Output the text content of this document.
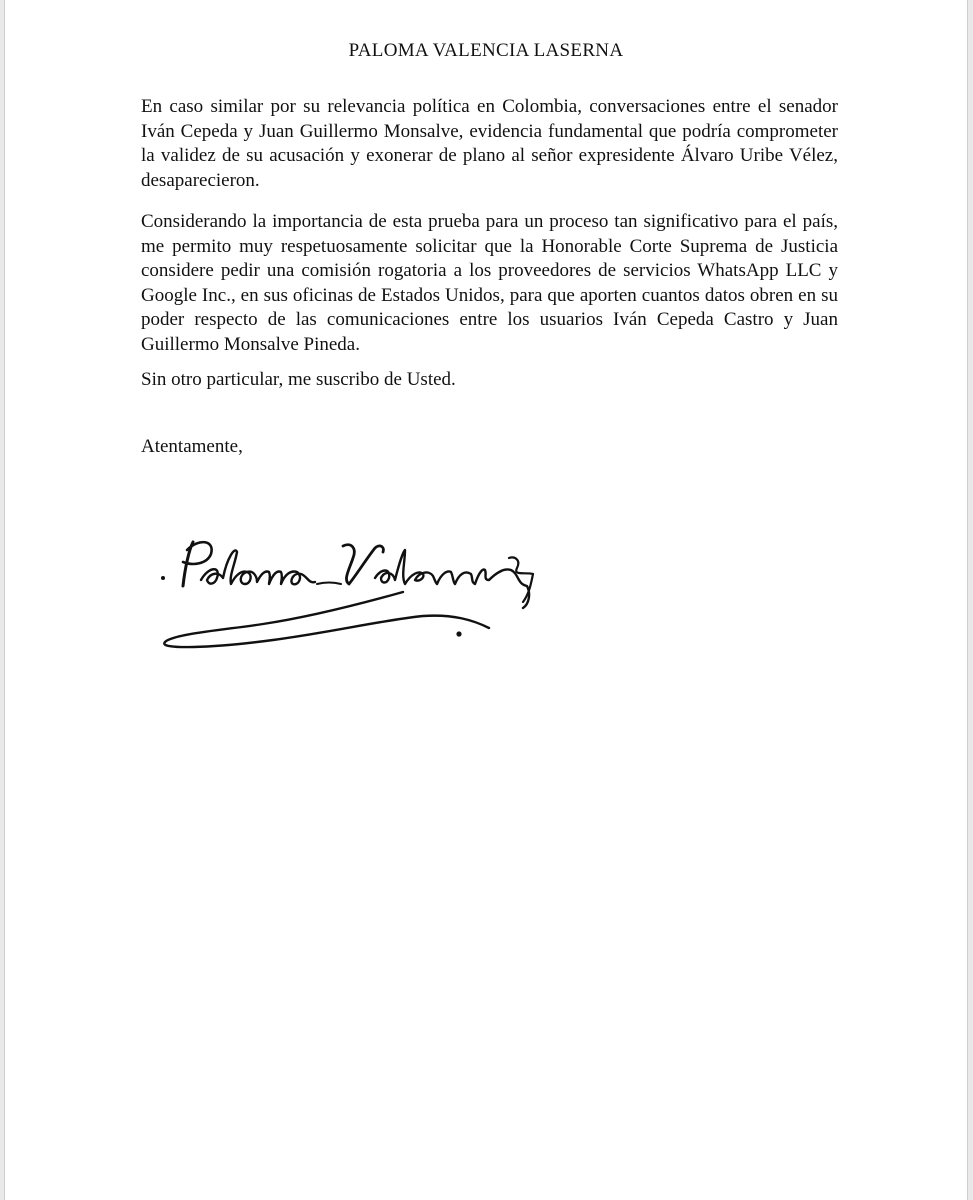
PALOMA VALENCIA LASERNA

En caso similar por su relevancia política en Colombia, conversaciones entre el senador Iván Cepeda y Juan Guillermo Monsalve, evidencia fundamental que podría comprometer la validez de su acusación y exonerar de plano al señor expresidente Álvaro Uribe Vélez, desaparecieron.

Considerando la importancia de esta prueba para un proceso tan significativo para el país, me permito muy respetuosamente solicitar que la Honorable Corte Suprema de Justicia considere pedir una comisión rogatoria a los proveedores de servicios WhatsApp LLC y Google Inc., en sus oficinas de Estados Unidos, para que aporten cuantos datos obren en su poder respecto de las comunicaciones entre los usuarios Iván Cepeda Castro y Juan Guillermo Monsalve Pineda.

Sin otro particular, me suscribo de Usted.

Atentamente,
